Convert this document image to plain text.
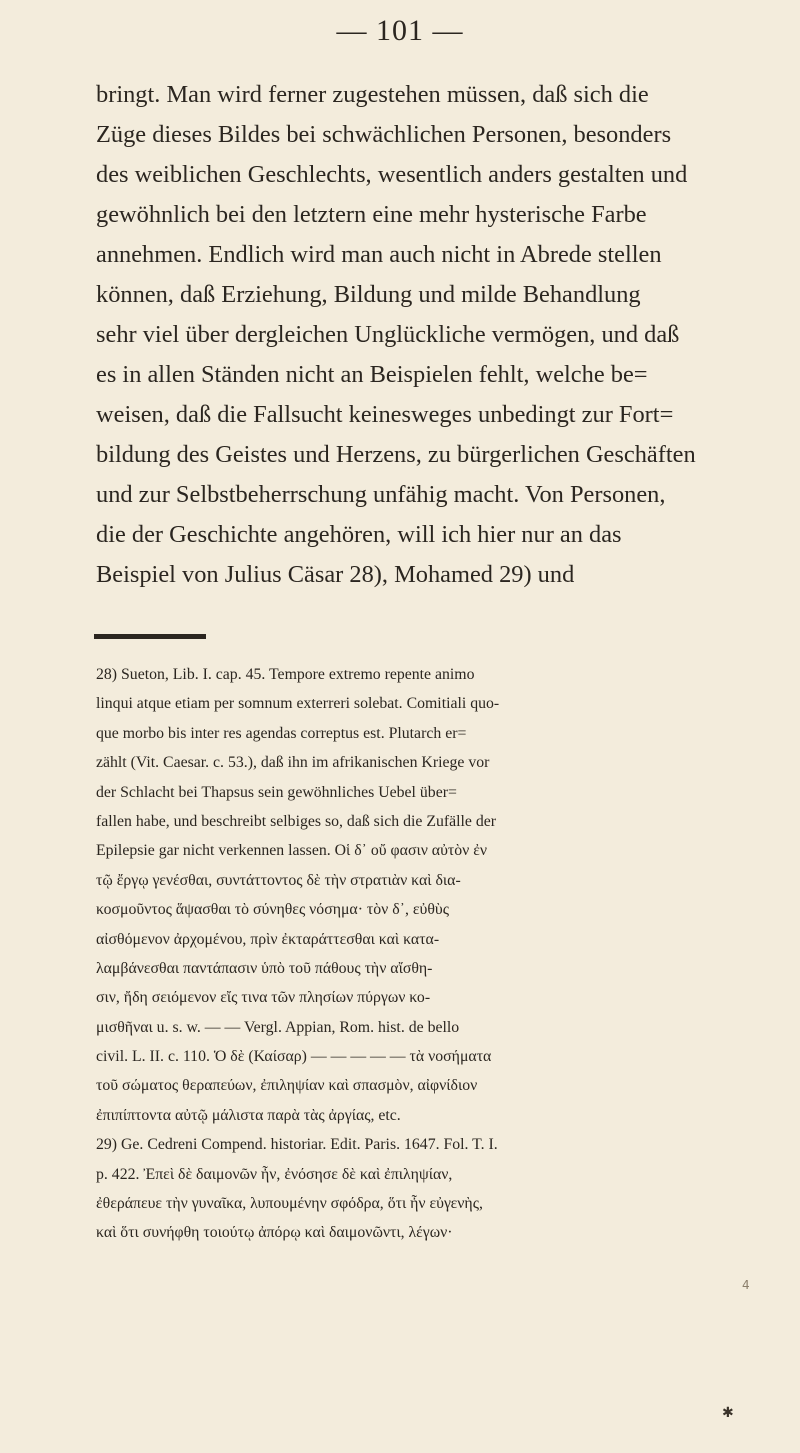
— 101 —
bringt. Man wird ferner zugestehen müssen, daß sich die
Züge dieses Bildes bei schwächlichen Personen, besonders
des weiblichen Geschlechts, wesentlich anders gestalten und
gewöhnlich bei den letztern eine mehr hysterische Farbe
annehmen. Endlich wird man auch nicht in Abrede stellen
können, daß Erziehung, Bildung und milde Behandlung
sehr viel über dergleichen Unglückliche vermögen, und daß
es in allen Ständen nicht an Beispielen fehlt, welche be=
weisen, daß die Fallsucht keinesweges unbedingt zur Fort=
bildung des Geistes und Herzens, zu bürgerlichen Geschäften
und zur Selbstbeherrschung unfähig macht. Von Personen,
die der Geschichte angehören, will ich hier nur an das
Beispiel von Julius Cäsar 28), Mohamed 29) und
28) Sueton, Lib. I. cap. 45. Tempore extremo repente animo
linqui atque etiam per somnum exterreri solebat. Comitiali quo-
que morbo bis inter res agendas correptus est. Plutarch er=
zählt (Vit. Caesar. c. 53.), daß ihn im afrikanischen Kriege vor
der Schlacht bei Thapsus sein gewöhnliches Uebel über=
fallen habe, und beschreibt selbiges so, daß sich die Zufälle der
Epilepsie gar nicht verkennen lassen. Οἱ δ᾽ οὔ φασιν αὐτὸν ἐν
τῷ ἔργῳ γενέσθαι, συντάττοντος δὲ τὴν στρατιὰν καὶ δια-
κοσμοῦντος ἅψασθαι τὸ σύνηθες νόσημα· τὸν δ᾽, εὐθὺς
αἰσθόμενον ἀρχομένου, πρὶν ἐκταράττεσθαι καὶ κατα-
λαμβάνεσθαι παντάπασιν ὑπὸ τοῦ πάθους τὴν αἴσθη-
σιν, ἤδη σειόμενον εἴς τινα τῶν πλησίων πύργων κο-
μισθῆναι u. s. w. — — Vergl. Appian, Rom. hist. de bello
civil. L. II. c. 110. Ὁ δὲ (Καίσαρ) — — — — — τὰ νοσήματα
τοῦ σώματος θεραπεύων, ἐπιληψίαν καὶ σπασμὸν, αἰφνίδιον
ἐπιπίπτοντα αὐτῷ μάλιστα παρὰ τὰς ἀργίας, etc.
29) Ge. Cedreni Compend. historiar. Edit. Paris. 1647. Fol. T. I.
p. 422. Ἐπεὶ δὲ δαιμονῶν ἦν, ἐνόσησε δὲ καὶ ἐπιληψίαν,
ἐθεράπευε τὴν γυναῖκα, λυπουμένην σφόδρα, ὅτι ἦν εὐγενὴς,
καὶ ὅτι συνήφθη τοιούτῳ ἀπόρῳ καὶ δαιμονῶντι, λέγων·
4
✱
